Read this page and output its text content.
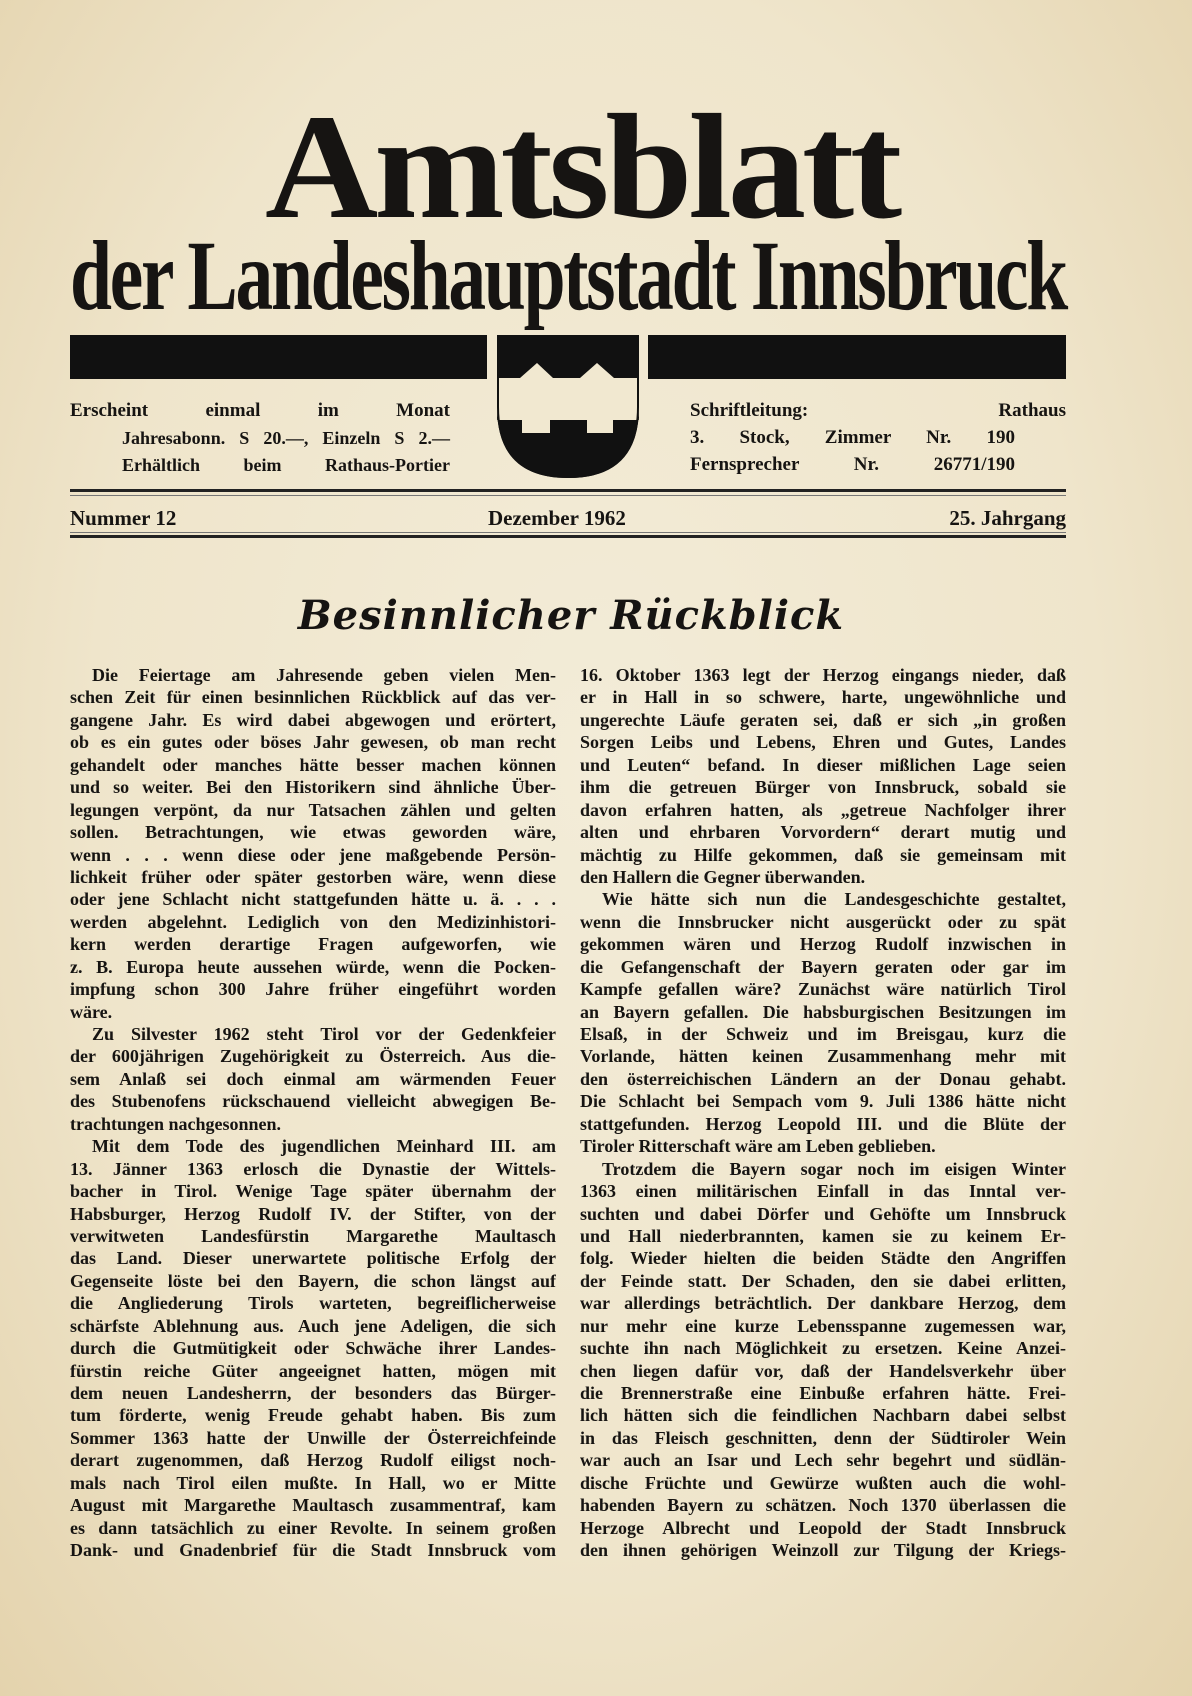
Amtsblatt
der Landeshauptstadt Innsbruck
Erscheint einmal im Monat
Jahresabonn. S 20.—, Einzeln S 2.—
Erhältlich beim Rathaus-Portier
Schriftleitung: Rathaus
3. Stock, Zimmer Nr. 190
Fernsprecher Nr. 26771/190
Nummer 12	Dezember 1962	25. Jahrgang
Besinnlicher Rückblick
Die Feiertage am Jahresende geben vielen Men-
schen Zeit für einen besinnlichen Rückblick auf das ver-
gangene Jahr. Es wird dabei abgewogen und erörtert,
ob es ein gutes oder böses Jahr gewesen, ob man recht
gehandelt oder manches hätte besser machen können
und so weiter. Bei den Historikern sind ähnliche Über-
legungen verpönt, da nur Tatsachen zählen und gelten
sollen. Betrachtungen, wie etwas geworden wäre,
wenn . . . wenn diese oder jene maßgebende Persön-
lichkeit früher oder später gestorben wäre, wenn diese
oder jene Schlacht nicht stattgefunden hätte u. ä. . . .
werden abgelehnt. Lediglich von den Medizinhistori-
kern werden derartige Fragen aufgeworfen, wie
z. B. Europa heute aussehen würde, wenn die Pocken-
impfung schon 300 Jahre früher eingeführt worden
wäre.
Zu Silvester 1962 steht Tirol vor der Gedenkfeier
der 600jährigen Zugehörigkeit zu Österreich. Aus die-
sem Anlaß sei doch einmal am wärmenden Feuer
des Stubenofens rückschauend vielleicht abwegigen Be-
trachtungen nachgesonnen.
Mit dem Tode des jugendlichen Meinhard III. am
13. Jänner 1363 erlosch die Dynastie der Wittels-
bacher in Tirol. Wenige Tage später übernahm der
Habsburger, Herzog Rudolf IV. der Stifter, von der
verwitweten Landesfürstin Margarethe Maultasch
das Land. Dieser unerwartete politische Erfolg der
Gegenseite löste bei den Bayern, die schon längst auf
die Angliederung Tirols warteten, begreiflicherweise
schärfste Ablehnung aus. Auch jene Adeligen, die sich
durch die Gutmütigkeit oder Schwäche ihrer Landes-
fürstin reiche Güter angeeignet hatten, mögen mit
dem neuen Landesherrn, der besonders das Bürger-
tum förderte, wenig Freude gehabt haben. Bis zum
Sommer 1363 hatte der Unwille der Österreichfeinde
derart zugenommen, daß Herzog Rudolf eiligst noch-
mals nach Tirol eilen mußte. In Hall, wo er Mitte
August mit Margarethe Maultasch zusammentraf, kam
es dann tatsächlich zu einer Revolte. In seinem großen
Dank- und Gnadenbrief für die Stadt Innsbruck vom
16. Oktober 1363 legt der Herzog eingangs nieder, daß
er in Hall in so schwere, harte, ungewöhnliche und
ungerechte Läufe geraten sei, daß er sich „in großen
Sorgen Leibs und Lebens, Ehren und Gutes, Landes
und Leuten“ befand. In dieser mißlichen Lage seien
ihm die getreuen Bürger von Innsbruck, sobald sie
davon erfahren hatten, als „getreue Nachfolger ihrer
alten und ehrbaren Vorvordern“ derart mutig und
mächtig zu Hilfe gekommen, daß sie gemeinsam mit
den Hallern die Gegner überwanden.
Wie hätte sich nun die Landesgeschichte gestaltet,
wenn die Innsbrucker nicht ausgerückt oder zu spät
gekommen wären und Herzog Rudolf inzwischen in
die Gefangenschaft der Bayern geraten oder gar im
Kampfe gefallen wäre? Zunächst wäre natürlich Tirol
an Bayern gefallen. Die habsburgischen Besitzungen im
Elsaß, in der Schweiz und im Breisgau, kurz die
Vorlande, hätten keinen Zusammenhang mehr mit
den österreichischen Ländern an der Donau gehabt.
Die Schlacht bei Sempach vom 9. Juli 1386 hätte nicht
stattgefunden. Herzog Leopold III. und die Blüte der
Tiroler Ritterschaft wäre am Leben geblieben.
Trotzdem die Bayern sogar noch im eisigen Winter
1363 einen militärischen Einfall in das Inntal ver-
suchten und dabei Dörfer und Gehöfte um Innsbruck
und Hall niederbrannten, kamen sie zu keinem Er-
folg. Wieder hielten die beiden Städte den Angriffen
der Feinde statt. Der Schaden, den sie dabei erlitten,
war allerdings beträchtlich. Der dankbare Herzog, dem
nur mehr eine kurze Lebensspanne zugemessen war,
suchte ihn nach Möglichkeit zu ersetzen. Keine Anzei-
chen liegen dafür vor, daß der Handelsverkehr über
die Brennerstraße eine Einbuße erfahren hätte. Frei-
lich hätten sich die feindlichen Nachbarn dabei selbst
in das Fleisch geschnitten, denn der Südtiroler Wein
war auch an Isar und Lech sehr begehrt und südlän-
dische Früchte und Gewürze wußten auch die wohl-
habenden Bayern zu schätzen. Noch 1370 überlassen die
Herzoge Albrecht und Leopold der Stadt Innsbruck
den ihnen gehörigen Weinzoll zur Tilgung der Kriegs-
